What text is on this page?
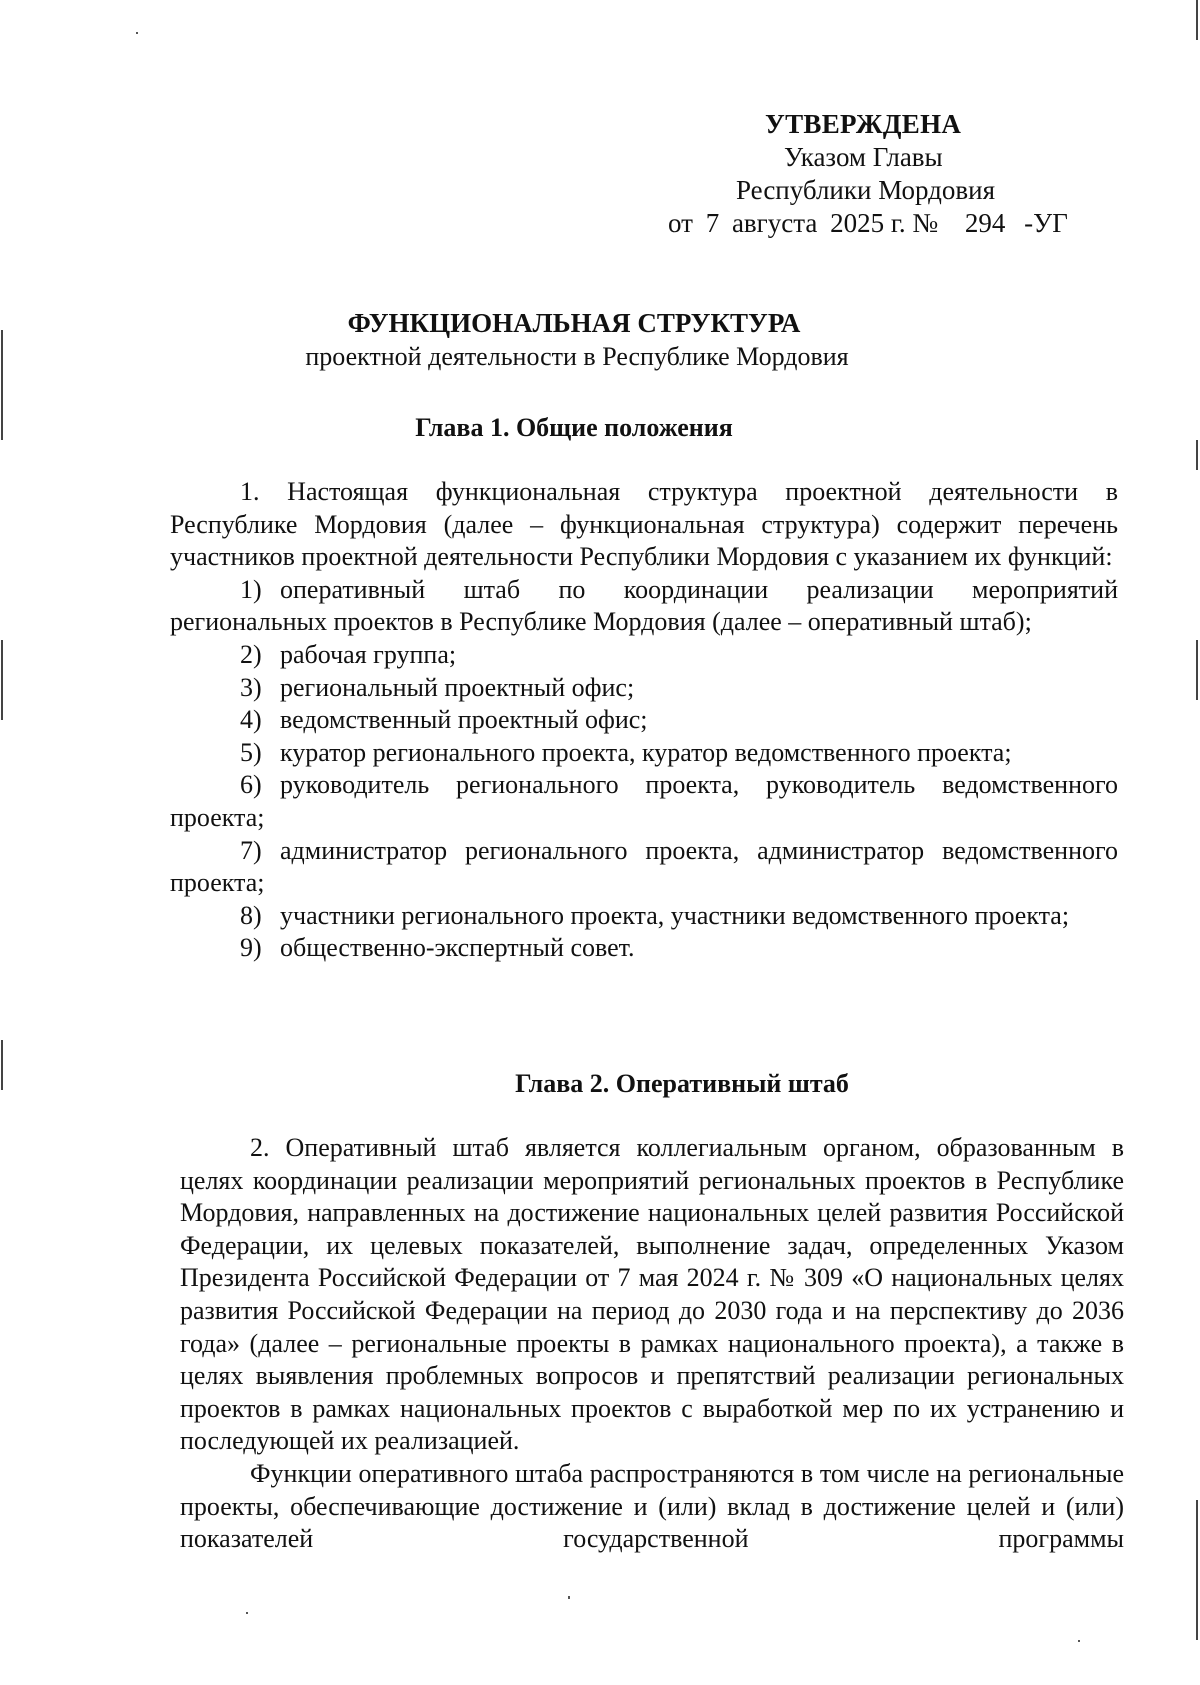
УТВЕРЖДЕНА
Указом Главы
Республики Мордовия
от 7 августа 2025 г. № 294 -УГ
ФУНКЦИОНАЛЬНАЯ СТРУКТУРА
проектной деятельности в Республике Мордовия
Глава 1. Общие положения

1. Настоящая функциональная структура проектной деятельности в Республике Мордовия (далее – функциональная структура) содержит перечень участников проектной деятельности Республики Мордовия с указанием их функций:

1) оперативный штаб по координации реализации мероприятий региональных проектов в Республике Мордовия (далее – оперативный штаб);
2) рабочая группа;
3) региональный проектный офис;
4) ведомственный проектный офис;
5) куратор регионального проекта, куратор ведомственного проекта;
6) руководитель регионального проекта, руководитель ведомственного проекта;
7) администратор регионального проекта, администратор ведомственного проекта;
8) участники регионального проекта, участники ведомственного проекта;
9) общественно-экспертный совет.
Глава 2. Оперативный штаб

2. Оперативный штаб является коллегиальным органом, образованным в целях координации реализации мероприятий региональных проектов в Республике Мордовия, направленных на достижение национальных целей развития Российской Федерации, их целевых показателей, выполнение задач, определенных Указом Президента Российской Федерации от 7 мая 2024 г. № 309 «О национальных целях развития Российской Федерации на период до 2030 года и на перспективу до 2036 года» (далее – региональные проекты в рамках национального проекта), а также в целях выявления проблемных вопросов и препятствий реализации региональных проектов в рамках национальных проектов с выработкой мер по их устранению и последующей их реализацией.

Функции оперативного штаба распространяются в том числе на региональные проекты, обеспечивающие достижение и (или) вклад в достижение целей и (или) показателей государственной программы
